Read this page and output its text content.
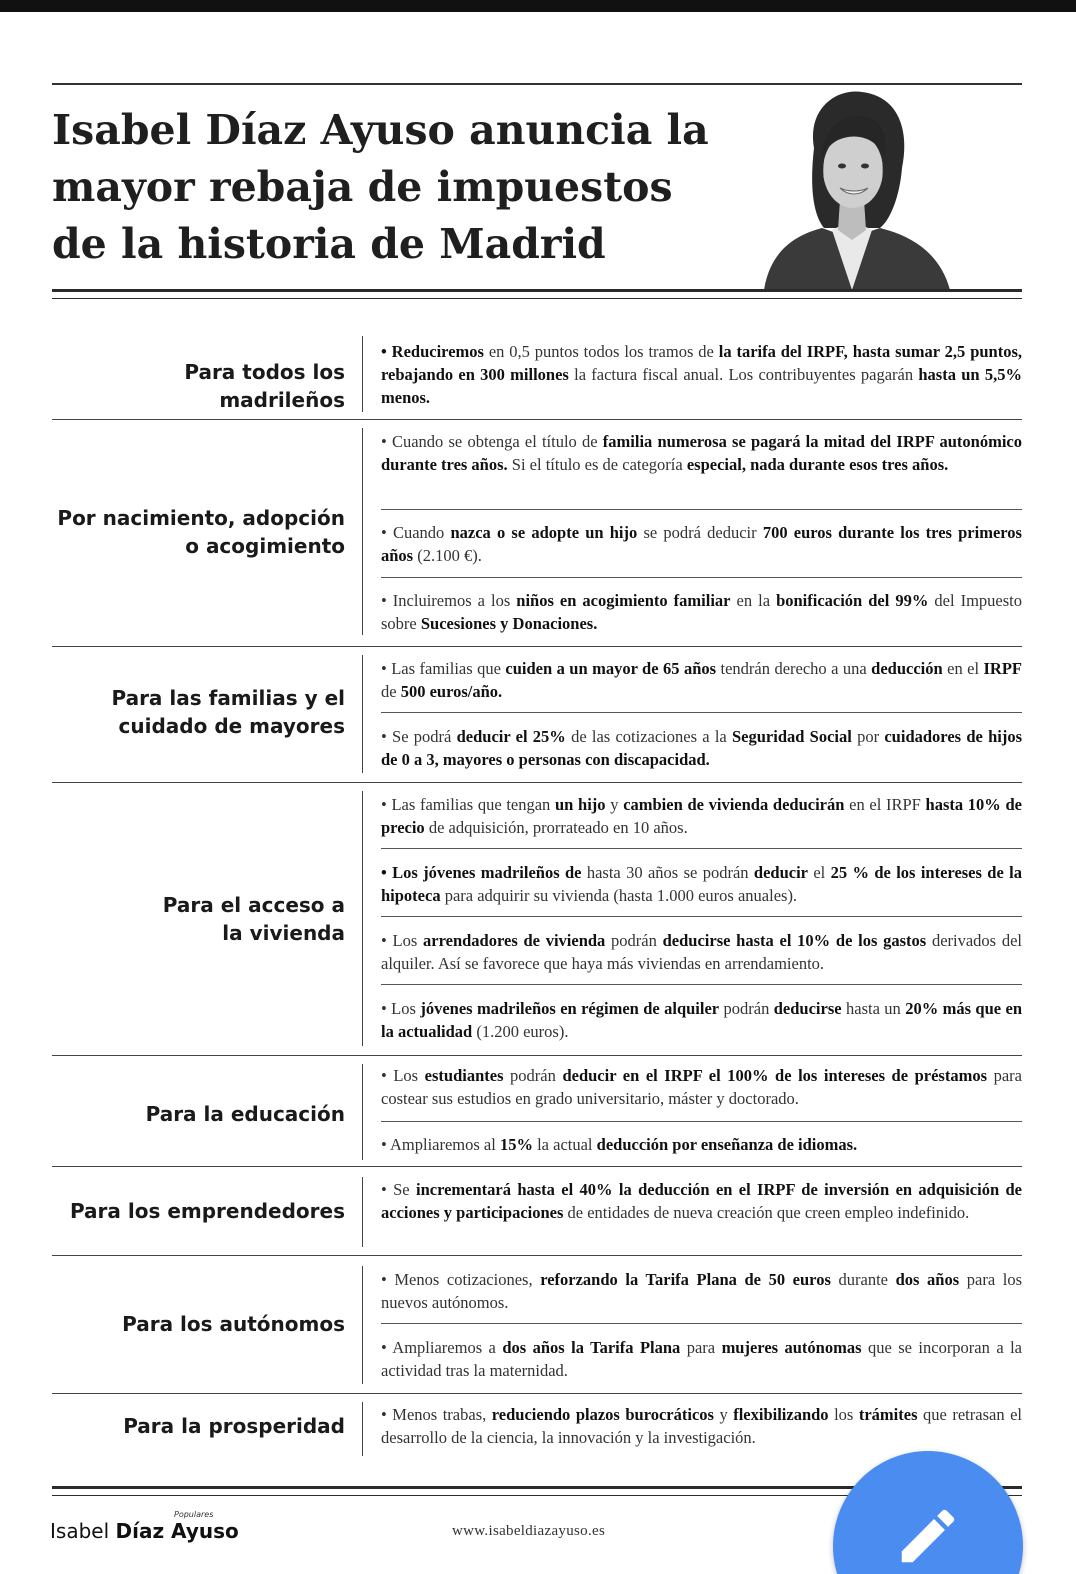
Isabel Díaz Ayuso anuncia la
mayor rebaja de impuestos
de la historia de Madrid
Para todos los madrileños

• Reduciremos en 0,5 puntos todos los tramos de la tarifa del IRPF, hasta sumar 2,5 puntos, rebajando en 300 millones la factura fiscal anual. Los contribuyentes pagarán hasta un 5,5% menos.

Por nacimiento, adopción
o acogimiento

• Cuando se obtenga el título de familia numerosa se pagará la mitad del IRPF autonómico durante tres años. Si el título es de categoría especial, nada durante esos tres años.

• Cuando nazca o se adopte un hijo se podrá deducir 700 euros durante los tres primeros años (2.100 €).

• Incluiremos a los niños en acogimiento familiar en la bonificación del 99% del Impuesto sobre Sucesiones y Donaciones.

Para las familias y el
cuidado de mayores

• Las familias que cuiden a un mayor de 65 años tendrán derecho a una deducción en el IRPF de 500 euros/año.

• Se podrá deducir el 25% de las cotizaciones a la Seguridad Social por cuidadores de hijos de 0 a 3, mayores o personas con discapacidad.

Para el acceso a
la vivienda

• Las familias que tengan un hijo y cambien de vivienda deducirán en el IRPF hasta 10% de precio de adquisición, prorrateado en 10 años.

• Los jóvenes madrileños de hasta 30 años se podrán deducir el 25 % de los intereses de la hipoteca para adquirir su vivienda (hasta 1.000 euros anuales).

• Los arrendadores de vivienda podrán deducirse hasta el 10% de los gastos derivados del alquiler. Así se favorece que haya más viviendas en arrendamiento.

• Los jóvenes madrileños en régimen de alquiler podrán deducirse hasta un 20% más que en la actualidad (1.200 euros).

Para la educación

• Los estudiantes podrán deducir en el IRPF el 100% de los intereses de préstamos para costear sus estudios en grado universitario, máster y doctorado.

• Ampliaremos al 15% la actual deducción por enseñanza de idiomas.

Para los emprendedores

• Se incrementará hasta el 40% la deducción en el IRPF de inversión en adquisición de acciones y participaciones de entidades de nueva creación que creen empleo indefinido.

Para los autónomos

• Menos cotizaciones, reforzando la Tarifa Plana de 50 euros durante dos años para los nuevos autónomos.

• Ampliaremos a dos años la Tarifa Plana para mujeres autónomas que se incorporan a la actividad tras la maternidad.

Para la prosperidad • Menos trabas, reduciendo plazos burocráticos y flexibilizando los trámites que retrasan el desarrollo de la ciencia, la innovación y la investigación.

Isabel Díaz Ayuso
Populares
www.isabeldiazayuso.es
